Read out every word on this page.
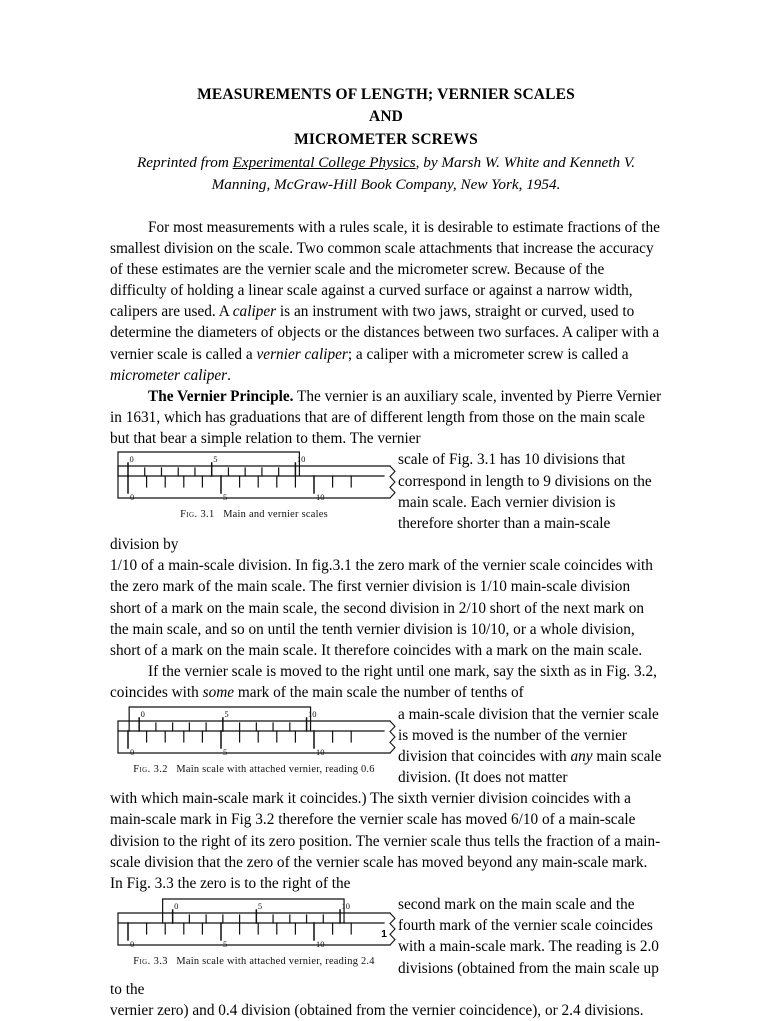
MEASUREMENTS OF LENGTH; VERNIER SCALES
AND
MICROMETER SCREWS
Reprinted from Experimental College Physics, by Marsh W. White and Kenneth V.
Manning, McGraw-Hill Book Company, New York, 1954.

For most measurements with a rules scale, it is desirable to estimate fractions of the smallest division on the scale. Two common scale attachments that increase the accuracy of these estimates are the vernier scale and the micrometer screw. Because of the difficulty of holding a linear scale against a curved surface or against a narrow width, calipers are used. A caliper is an instrument with two jaws, straight or curved, used to determine the diameters of objects or the distances between two surfaces. A caliper with a vernier scale is called a vernier caliper; a caliper with a micrometer screw is called a micrometer caliper.

The Vernier Principle. The vernier is an auxiliary scale, invented by Pierre Vernier in 1631, which has graduations that are of different length from those on the main scale but that bear a simple relation to them. The vernier

0	5	10
0	5	10
Fig. 3.1 Main and vernier scales
scale of Fig. 3.1 has 10 divisions that correspond in length to 9 divisions on the main scale. Each vernier division is therefore shorter than a main-scale division by

1/10 of a main-scale division. In fig.3.1 the zero mark of the vernier scale coincides with the zero mark of the main scale. The first vernier division is 1/10 main-scale division short of a mark on the main scale, the second division in 2/10 short of the next mark on the main scale, and so on until the tenth vernier division is 10/10, or a whole division, short of a mark on the main scale. It therefore coincides with a mark on the main scale.

If the vernier scale is moved to the right until one mark, say the sixth as in Fig. 3.2, coincides with some mark of the main scale the number of tenths of

0	5	10
0	5	10
Fig. 3.2 Main scale with attached vernier, reading 0.6
a main-scale division that the vernier scale is moved is the number of the vernier division that coincides with any main scale division. (It does not matter

with which main-scale mark it coincides.) The sixth vernier division coincides with a main-scale mark in Fig 3.2 therefore the vernier scale has moved 6/10 of a main-scale division to the right of its zero position. The vernier scale thus tells the fraction of a main-scale division that the zero of the vernier scale has moved beyond any main-scale mark. In Fig. 3.3 the zero is to the right of the

0	5	10
0	5	10
Fig. 3.3 Main scale with attached vernier, reading 2.4
second mark on the main scale and the fourth mark of the vernier scale coincides with a main-scale mark. The reading is 2.0 divisions (obtained from the main scale up to the

vernier zero) and 0.4 division (obtained from the vernier coincidence), or 2.4 divisions.

1
